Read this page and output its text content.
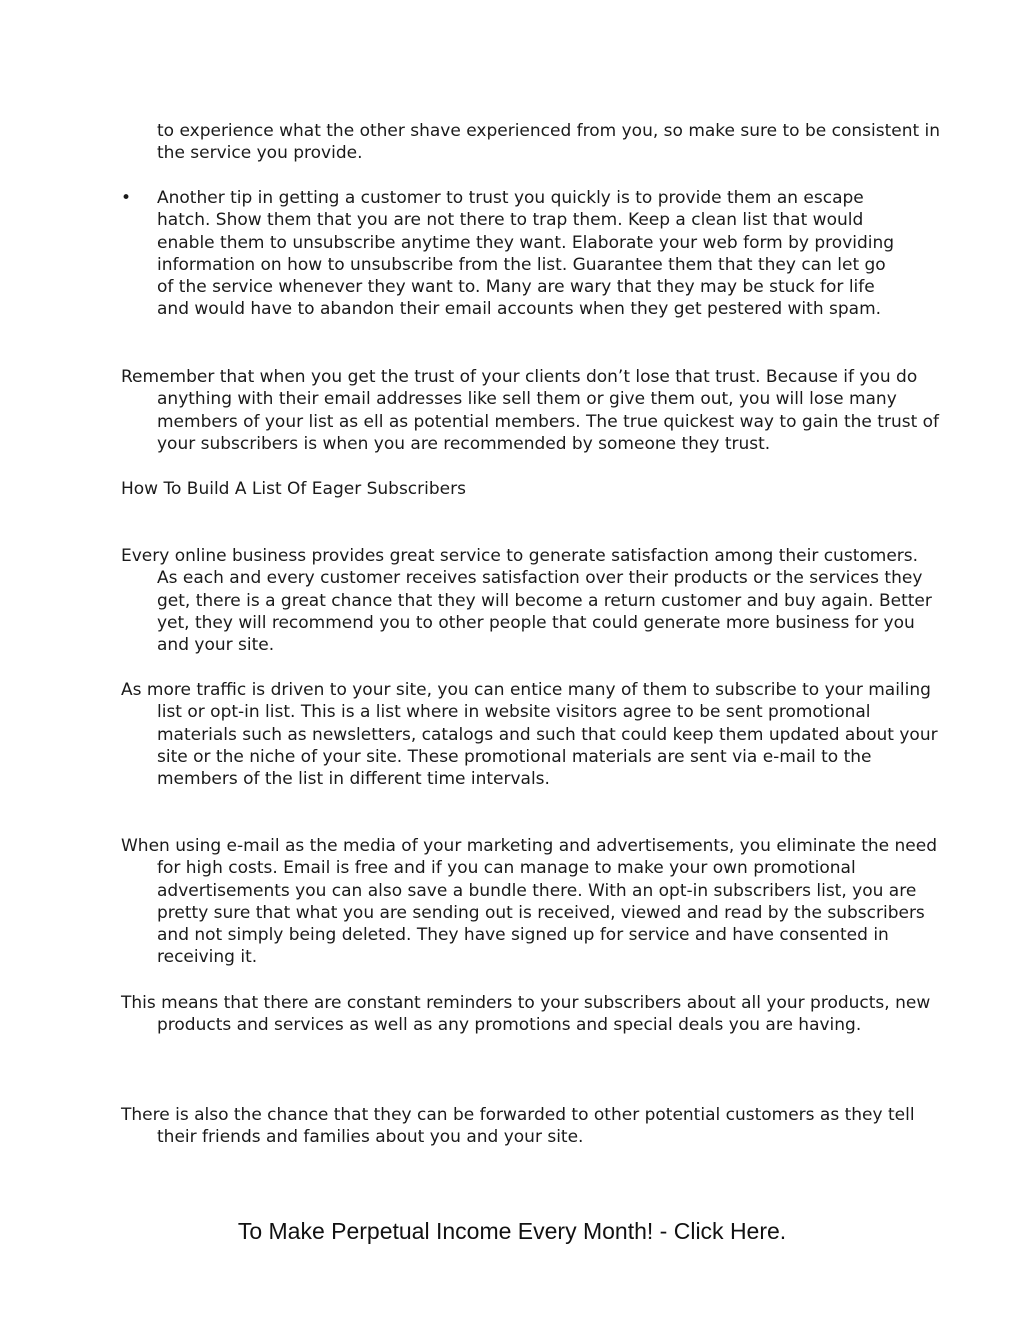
to experience what the other shave experienced from you, so make sure to be consistent in the service you provide.

•	Another tip in getting a customer to trust you quickly is to provide them an escape hatch. Show them that you are not there to trap them. Keep a clean list that would enable them to unsubscribe anytime they want. Elaborate your web form by providing information on how to unsubscribe from the list. Guarantee them that they can let go of the service whenever they want to. Many are wary that they may be stuck for life and would have to abandon their email accounts when they get pestered with spam.

Remember that when you get the trust of your clients don’t lose that trust. Because if you do anything with their email addresses like sell them or give them out, you will lose many members of your list as ell as potential members. The true quickest way to gain the trust of your subscribers is when you are recommended by someone they trust.

How To Build A List Of Eager Subscribers

Every online business provides great service to generate satisfaction among their customers. As each and every customer receives satisfaction over their products or the services they get, there is a great chance that they will become a return customer and buy again. Better yet, they will recommend you to other people that could generate more business for you and your site.

As more traffic is driven to your site, you can entice many of them to subscribe to your mailing list or opt-in list. This is a list where in website visitors agree to be sent promotional materials such as newsletters, catalogs and such that could keep them updated about your site or the niche of your site. These promotional materials are sent via e-mail to the members of the list in different time intervals.

When using e-mail as the media of your marketing and advertisements, you eliminate the need for high costs. Email is free and if you can manage to make your own promotional advertisements you can also save a bundle there. With an opt-in subscribers list, you are pretty sure that what you are sending out is received, viewed and read by the subscribers and not simply being deleted. They have signed up for service and have consented in receiving it.

This means that there are constant reminders to your subscribers about all your products, new products and services as well as any promotions and special deals you are having.

There is also the chance that they can be forwarded to other potential customers as they tell their friends and families about you and your site.

To Make Perpetual Income Every Month! - Click Here.
